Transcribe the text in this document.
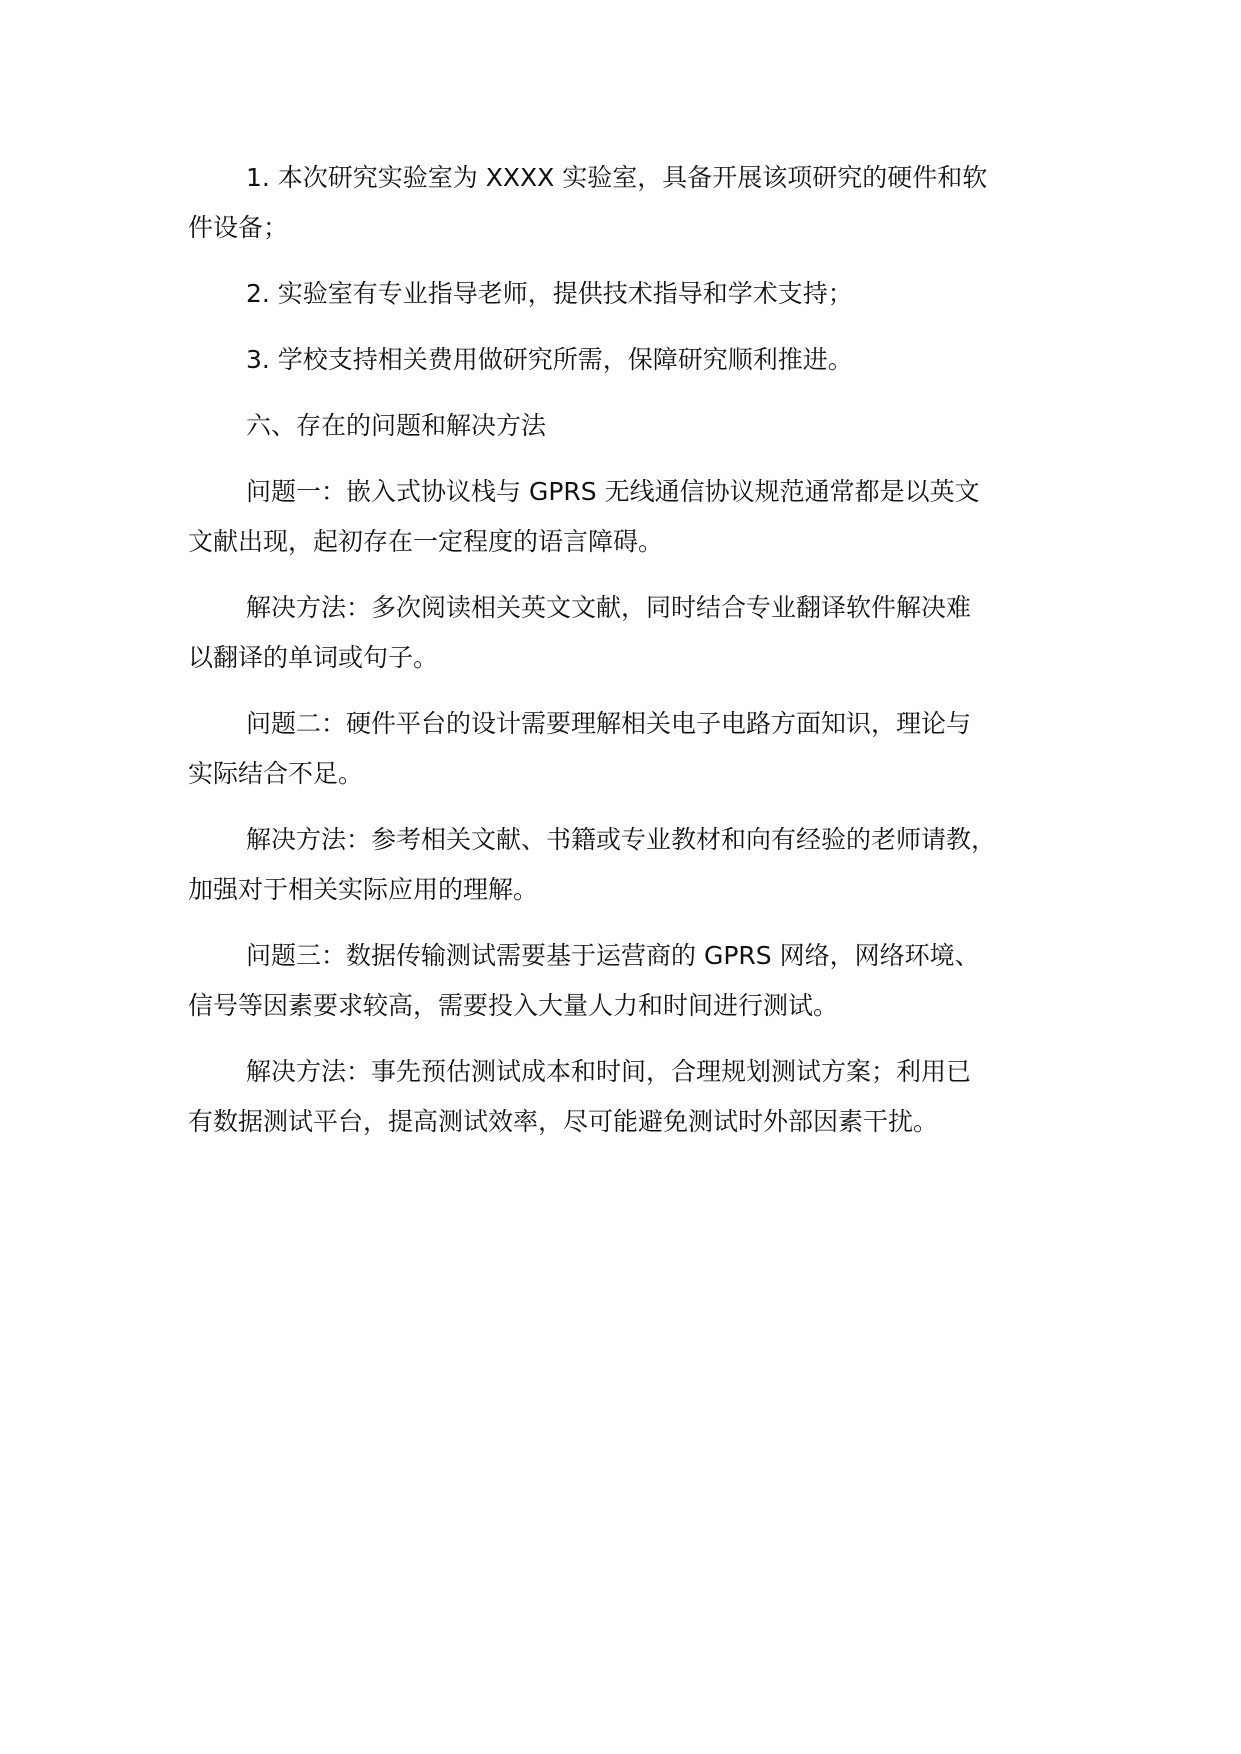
1. 本次研究实验室为 XXXX 实验室，具备开展该项研究的硬件和软
件设备；

2. 实验室有专业指导老师，提供技术指导和学术支持；

3. 学校支持相关费用做研究所需，保障研究顺利推进。

六、存在的问题和解决方法

问题一：嵌入式协议栈与 GPRS 无线通信协议规范通常都是以英文
文献出现，起初存在一定程度的语言障碍。

解决方法：多次阅读相关英文文献，同时结合专业翻译软件解决难
以翻译的单词或句子。

问题二：硬件平台的设计需要理解相关电子电路方面知识，理论与
实际结合不足。

解决方法：参考相关文献、书籍或专业教材和向有经验的老师请教，
加强对于相关实际应用的理解。

问题三：数据传输测试需要基于运营商的 GPRS 网络，网络环境、
信号等因素要求较高，需要投入大量人力和时间进行测试。

解决方法：事先预估测试成本和时间，合理规划测试方案；利用已
有数据测试平台，提高测试效率，尽可能避免测试时外部因素干扰。
